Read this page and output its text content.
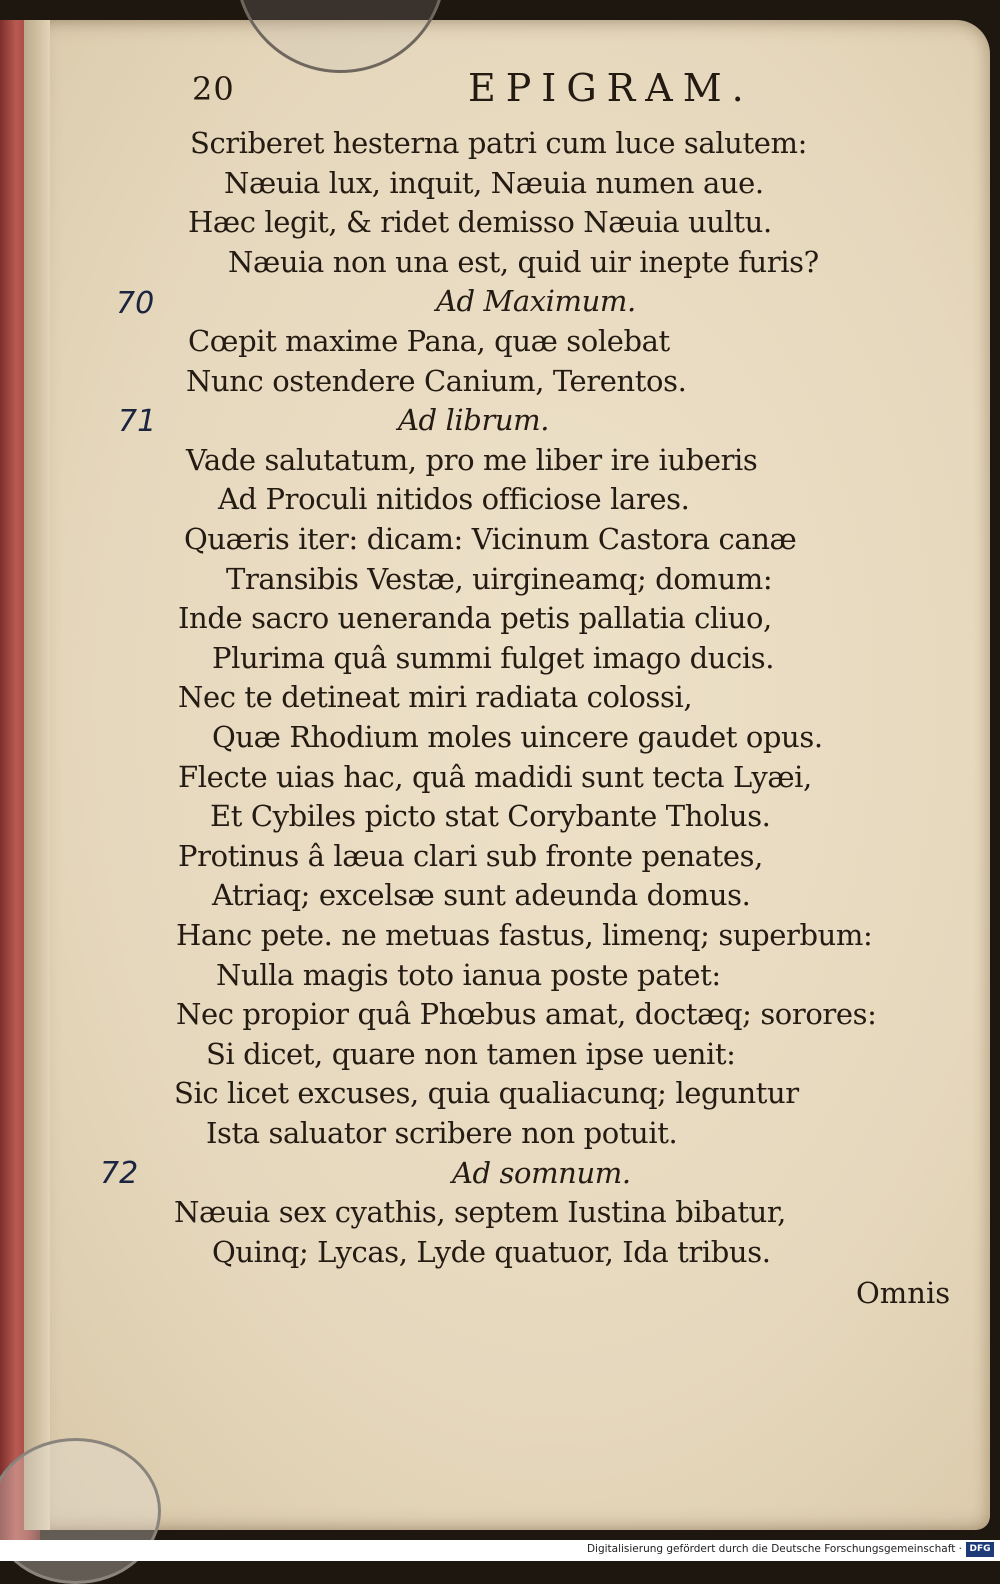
20	EPIGRAM.
Scriberet hesterna patri cum luce salutem:
Næuia lux, inquit, Næuia numen aue.
Hæc legit, & ridet demisso Næuia uultu.
Næuia non una est, quid uir inepte furis?
Ad Maximum.
Cœpit maxime Pana, quæ solebat
Nunc ostendere Canium, Terentos.
Ad librum.
Vade salutatum, pro me liber ire iuberis
Ad Proculi nitidos officiose lares.
Quæris iter: dicam: Vicinum Castora canæ
Transibis Vestæ, uirgineamq; domum:
Inde sacro ueneranda petis pallatia cliuo,
Plurima quâ summi fulget imago ducis.
Nec te detineat miri radiata colossi,
Quæ Rhodium moles uincere gaudet opus.
Flecte uias hac, quâ madidi sunt tecta Lyæi,
Et Cybiles picto stat Corybante Tholus.
Protinus â læua clari sub fronte penates,
Atriaq; excelsæ sunt adeunda domus.
Hanc pete. ne metuas fastus, limenq; superbum:
Nulla magis toto ianua poste patet:
Nec propior quâ Phœbus amat, doctæq; sorores:
Si dicet, quare non tamen ipse uenit:
Sic licet excuses, quia qualiacunq; leguntur
Ista saluator scribere non potuit.
Ad somnum.
Næuia sex cyathis, septem Iustina bibatur,
Quinq; Lycas, Lyde quatuor, Ida tribus.
70
71
72
Omnis
Digitalisierung gefördert durch die Deutsche Forschungsgemeinschaft · DFG
